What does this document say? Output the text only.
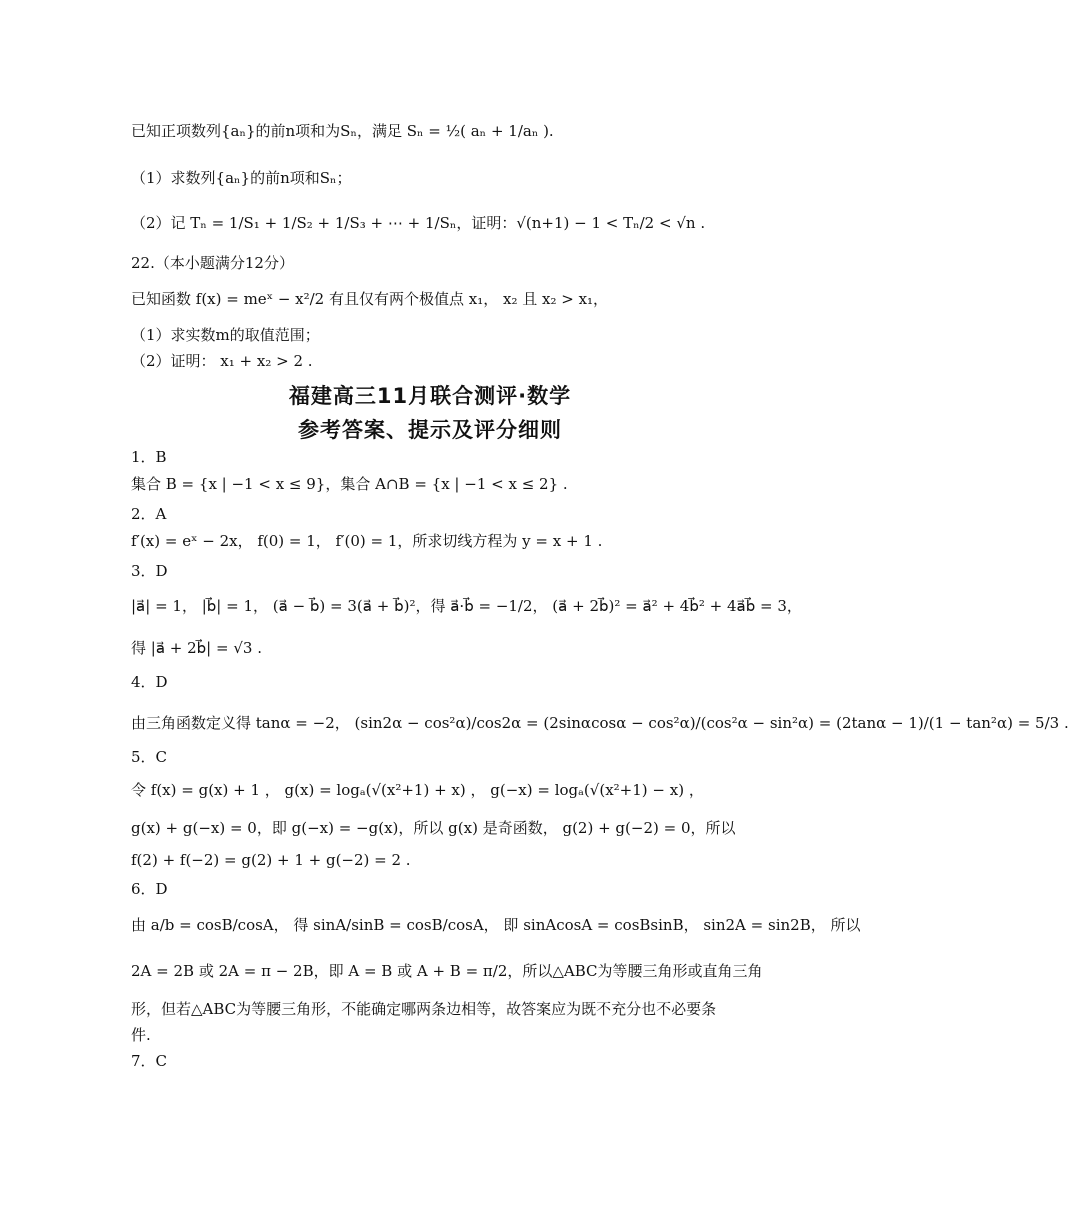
已知正项数列{aₙ}的前n项和为Sₙ，满足 Sₙ = ½( aₙ + 1/aₙ ).
（1）求数列{aₙ}的前n项和Sₙ；
（2）记 Tₙ = 1/S₁ + 1/S₂ + 1/S₃ + ⋯ + 1/Sₙ，证明：√(n+1) − 1 < Tₙ/2 < √n .
22.（本小题满分12分）
已知函数 f(x) = meˣ − x²/2 有且仅有两个极值点 x₁， x₂ 且 x₂ > x₁，
（1）求实数m的取值范围；
（2）证明： x₁ + x₂ > 2 .
福建高三11月联合测评·数学
参考答案、提示及评分细则
1．B
集合 B = {x | −1 < x ≤ 9}，集合 A∩B = {x | −1 < x ≤ 2} .
2．A
f′(x) = eˣ − 2x， f(0) = 1， f′(0) = 1，所求切线方程为 y = x + 1 .
3．D
|a⃗| = 1， |b⃗| = 1， (a⃗ − b⃗) = 3(a⃗ + b⃗)²，得 a⃗·b⃗ = −1/2， (a⃗ + 2b⃗)² = a⃗² + 4b⃗² + 4a⃗b⃗ = 3，
得 |a⃗ + 2b⃗| = √3 .
4．D
由三角函数定义得 tanα = −2， (sin2α − cos²α)/cos2α = (2sinαcosα − cos²α)/(cos²α − sin²α) = (2tanα − 1)/(1 − tan²α) = 5/3 .
5．C
令 f(x) = g(x) + 1 ， g(x) = logₐ(√(x²+1) + x) ， g(−x) = logₐ(√(x²+1) − x) ，
g(x) + g(−x) = 0，即 g(−x) = −g(x)，所以 g(x) 是奇函数， g(2) + g(−2) = 0，所以
f(2) + f(−2) = g(2) + 1 + g(−2) = 2 .
6．D
由 a/b = cosB/cosA， 得 sinA/sinB = cosB/cosA， 即 sinAcosA = cosBsinB， sin2A = sin2B， 所以
2A = 2B 或 2A = π − 2B，即 A = B 或 A + B = π/2，所以△ABC为等腰三角形或直角三角
形，但若△ABC为等腰三角形，不能确定哪两条边相等，故答案应为既不充分也不必要条
件.
7．C
